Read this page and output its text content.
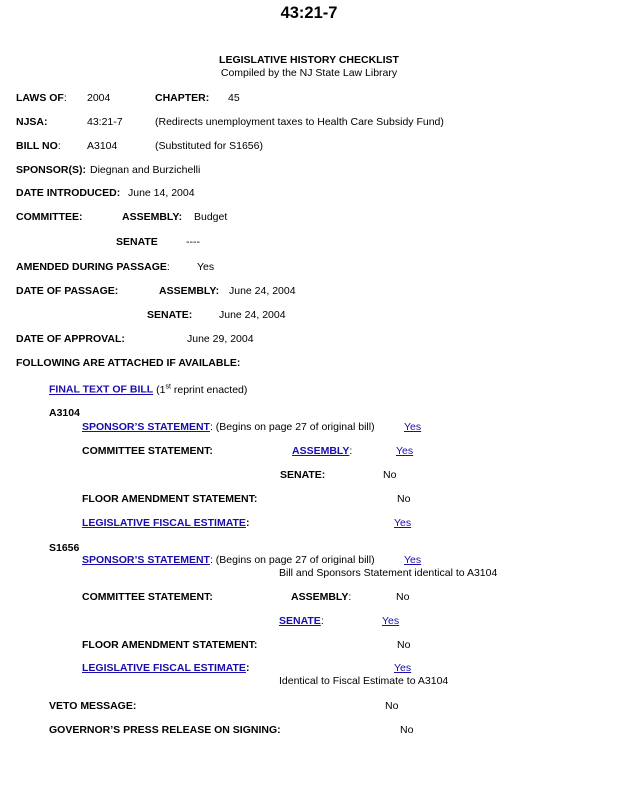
43:21-7
LEGISLATIVE HISTORY CHECKLIST
Compiled by the NJ State Law Library
LAWS OF: 2004	CHAPTER: 45
NJSA:	43:21-7	(Redirects unemployment taxes to Health Care Subsidy Fund)
BILL NO:	A3104	(Substituted for S1656)
SPONSOR(S): Diegnan and Burzichelli
DATE INTRODUCED: June 14, 2004
COMMITTEE:	ASSEMBLY: Budget
SENATE	----
AMENDED DURING PASSAGE:	Yes
DATE OF PASSAGE:	ASSEMBLY: June 24, 2004
SENATE:	June 24, 2004
DATE OF APPROVAL:	June 29, 2004
FOLLOWING ARE ATTACHED IF AVAILABLE:
FINAL TEXT OF BILL (1st reprint enacted)
A3104
SPONSOR’S STATEMENT: (Begins on page 27 of original bill)	Yes
COMMITTEE STATEMENT:	ASSEMBLY:	Yes
SENATE:	No
FLOOR AMENDMENT STATEMENT:	No
LEGISLATIVE FISCAL ESTIMATE:	Yes
S1656
SPONSOR’S STATEMENT: (Begins on page 27 of original bill)	Yes
Bill and Sponsors Statement identical to A3104
COMMITTEE STATEMENT:	ASSEMBLY:	No
SENATE:	Yes
FLOOR AMENDMENT STATEMENT:	No
LEGISLATIVE FISCAL ESTIMATE:	Yes
Identical to Fiscal Estimate to A3104
VETO MESSAGE:	No
GOVERNOR’S PRESS RELEASE ON SIGNING:	No
